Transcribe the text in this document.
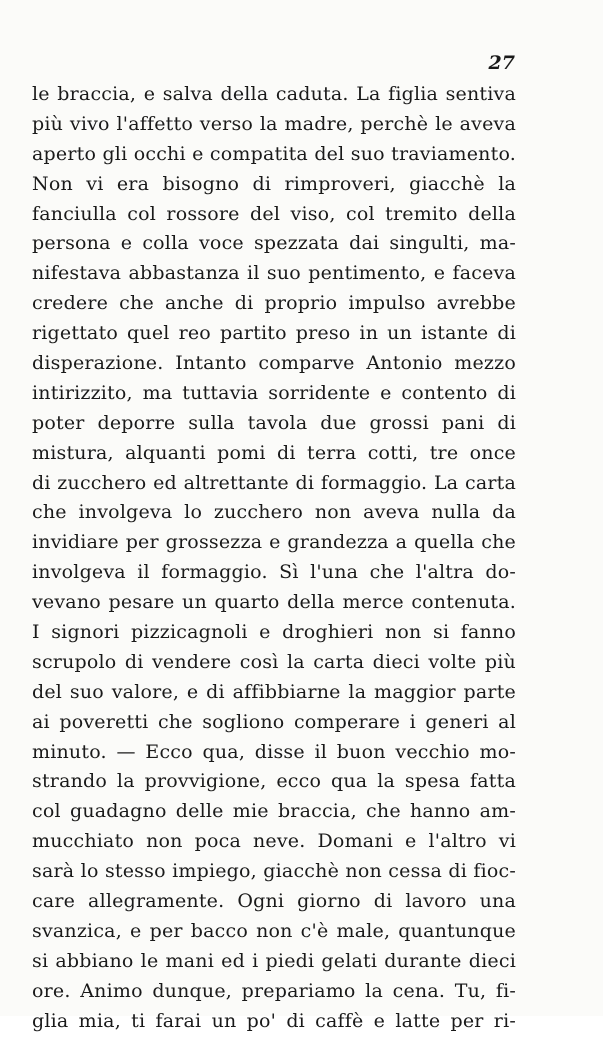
27
le braccia, e salva della caduta. La figlia sentiva
più vivo l'affetto verso la madre, perchè le aveva
aperto gli occhi e compatita del suo traviamento.
Non vi era bisogno di rimproveri, giacchè la
fanciulla col rossore del viso, col tremito della
persona e colla voce spezzata dai singulti, ma-
nifestava abbastanza il suo pentimento, e faceva
credere che anche di proprio impulso avrebbe
rigettato quel reo partito preso in un istante di
disperazione. Intanto comparve Antonio mezzo
intirizzito, ma tuttavia sorridente e contento di
poter deporre sulla tavola due grossi pani di
mistura, alquanti pomi di terra cotti, tre once
di zucchero ed altrettante di formaggio. La carta
che involgeva lo zucchero non aveva nulla da
invidiare per grossezza e grandezza a quella che
involgeva il formaggio. Sì l'una che l'altra do-
vevano pesare un quarto della merce contenuta.
I signori pizzicagnoli e droghieri non si fanno
scrupolo di vendere così la carta dieci volte più
del suo valore, e di affibbiarne la maggior parte
ai poveretti che sogliono comperare i generi al
minuto. — Ecco qua, disse il buon vecchio mo-
strando la provvigione, ecco qua la spesa fatta
col guadagno delle mie braccia, che hanno am-
mucchiato non poca neve. Domani e l'altro vi
sarà lo stesso impiego, giacchè non cessa di fioc-
care allegramente. Ogni giorno di lavoro una
svanzica, e per bacco non c'è male, quantunque
si abbiano le mani ed i piedi gelati durante dieci
ore. Animo dunque, prepariamo la cena. Tu, fi-
glia mia, ti farai un po' di caffè e latte per ri-
